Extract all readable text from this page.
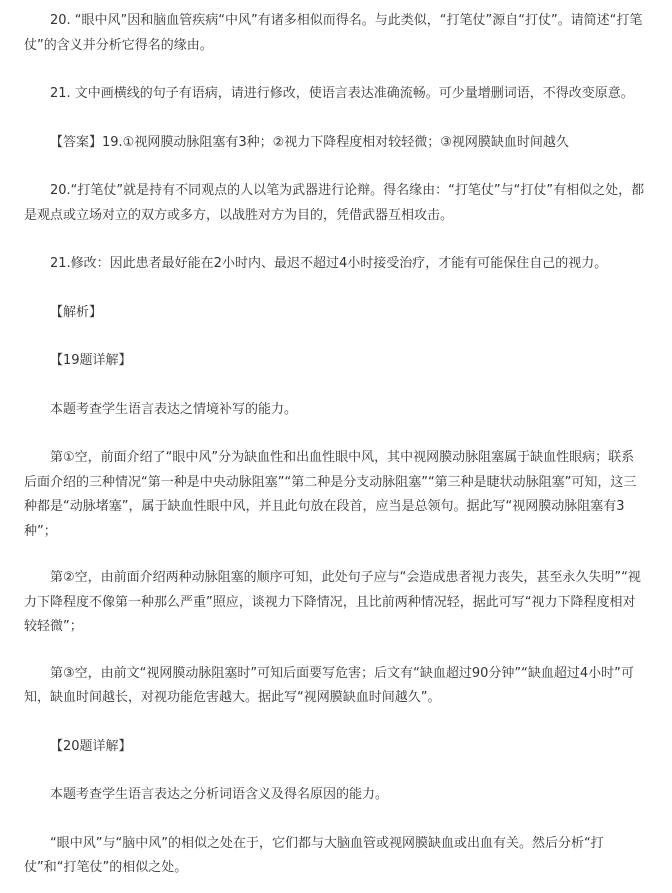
20. “眼中风”因和脑血管疾病“中风”有诸多相似而得名。与此类似，“打笔仗”源自“打仗”。请简述“打笔仗”的含义并分析它得名的缘由。

21. 文中画横线的句子有语病，请进行修改，使语言表达准确流畅。可少量增删词语，不得改变原意。

【答案】19.①视网膜动脉阻塞有3种；②视力下降程度相对较轻微；③视网膜缺血时间越久

20.“打笔仗”就是持有不同观点的人以笔为武器进行论辩。得名缘由：“打笔仗”与“打仗”有相似之处，都是观点或立场对立的双方或多方，以战胜对方为目的，凭借武器互相攻击。

21.修改：因此患者最好能在2小时内、最迟不超过4小时接受治疗，才能有可能保住自己的视力。

【解析】

【19题详解】

本题考查学生语言表达之情境补写的能力。

第①空，前面介绍了“眼中风”分为缺血性和出血性眼中风，其中视网膜动脉阻塞属于缺血性眼病；联系后面介绍的三种情况“第一种是中央动脉阻塞”“第二种是分支动脉阻塞”“第三种是睫状动脉阻塞”可知，这三种都是“动脉堵塞”，属于缺血性眼中风，并且此句放在段首，应当是总领句。据此写“视网膜动脉阻塞有3种”；

第②空，由前面介绍两种动脉阻塞的顺序可知，此处句子应与“会造成患者视力丧失，甚至永久失明”“视力下降程度不像第一种那么严重”照应，谈视力下降情况，且比前两种情况轻，据此可写“视力下降程度相对较轻微”；

第③空，由前文“视网膜动脉阻塞时”可知后面要写危害；后文有“缺血超过90分钟”“缺血超过4小时”可知，缺血时间越长，对视功能危害越大。据此写“视网膜缺血时间越久”。

【20题详解】

本题考查学生语言表达之分析词语含义及得名原因的能力。

“眼中风”与“脑中风”的相似之处在于，它们都与大脑血管或视网膜缺血或出血有关。然后分析“打仗”和“打笔仗”的相似之处。
